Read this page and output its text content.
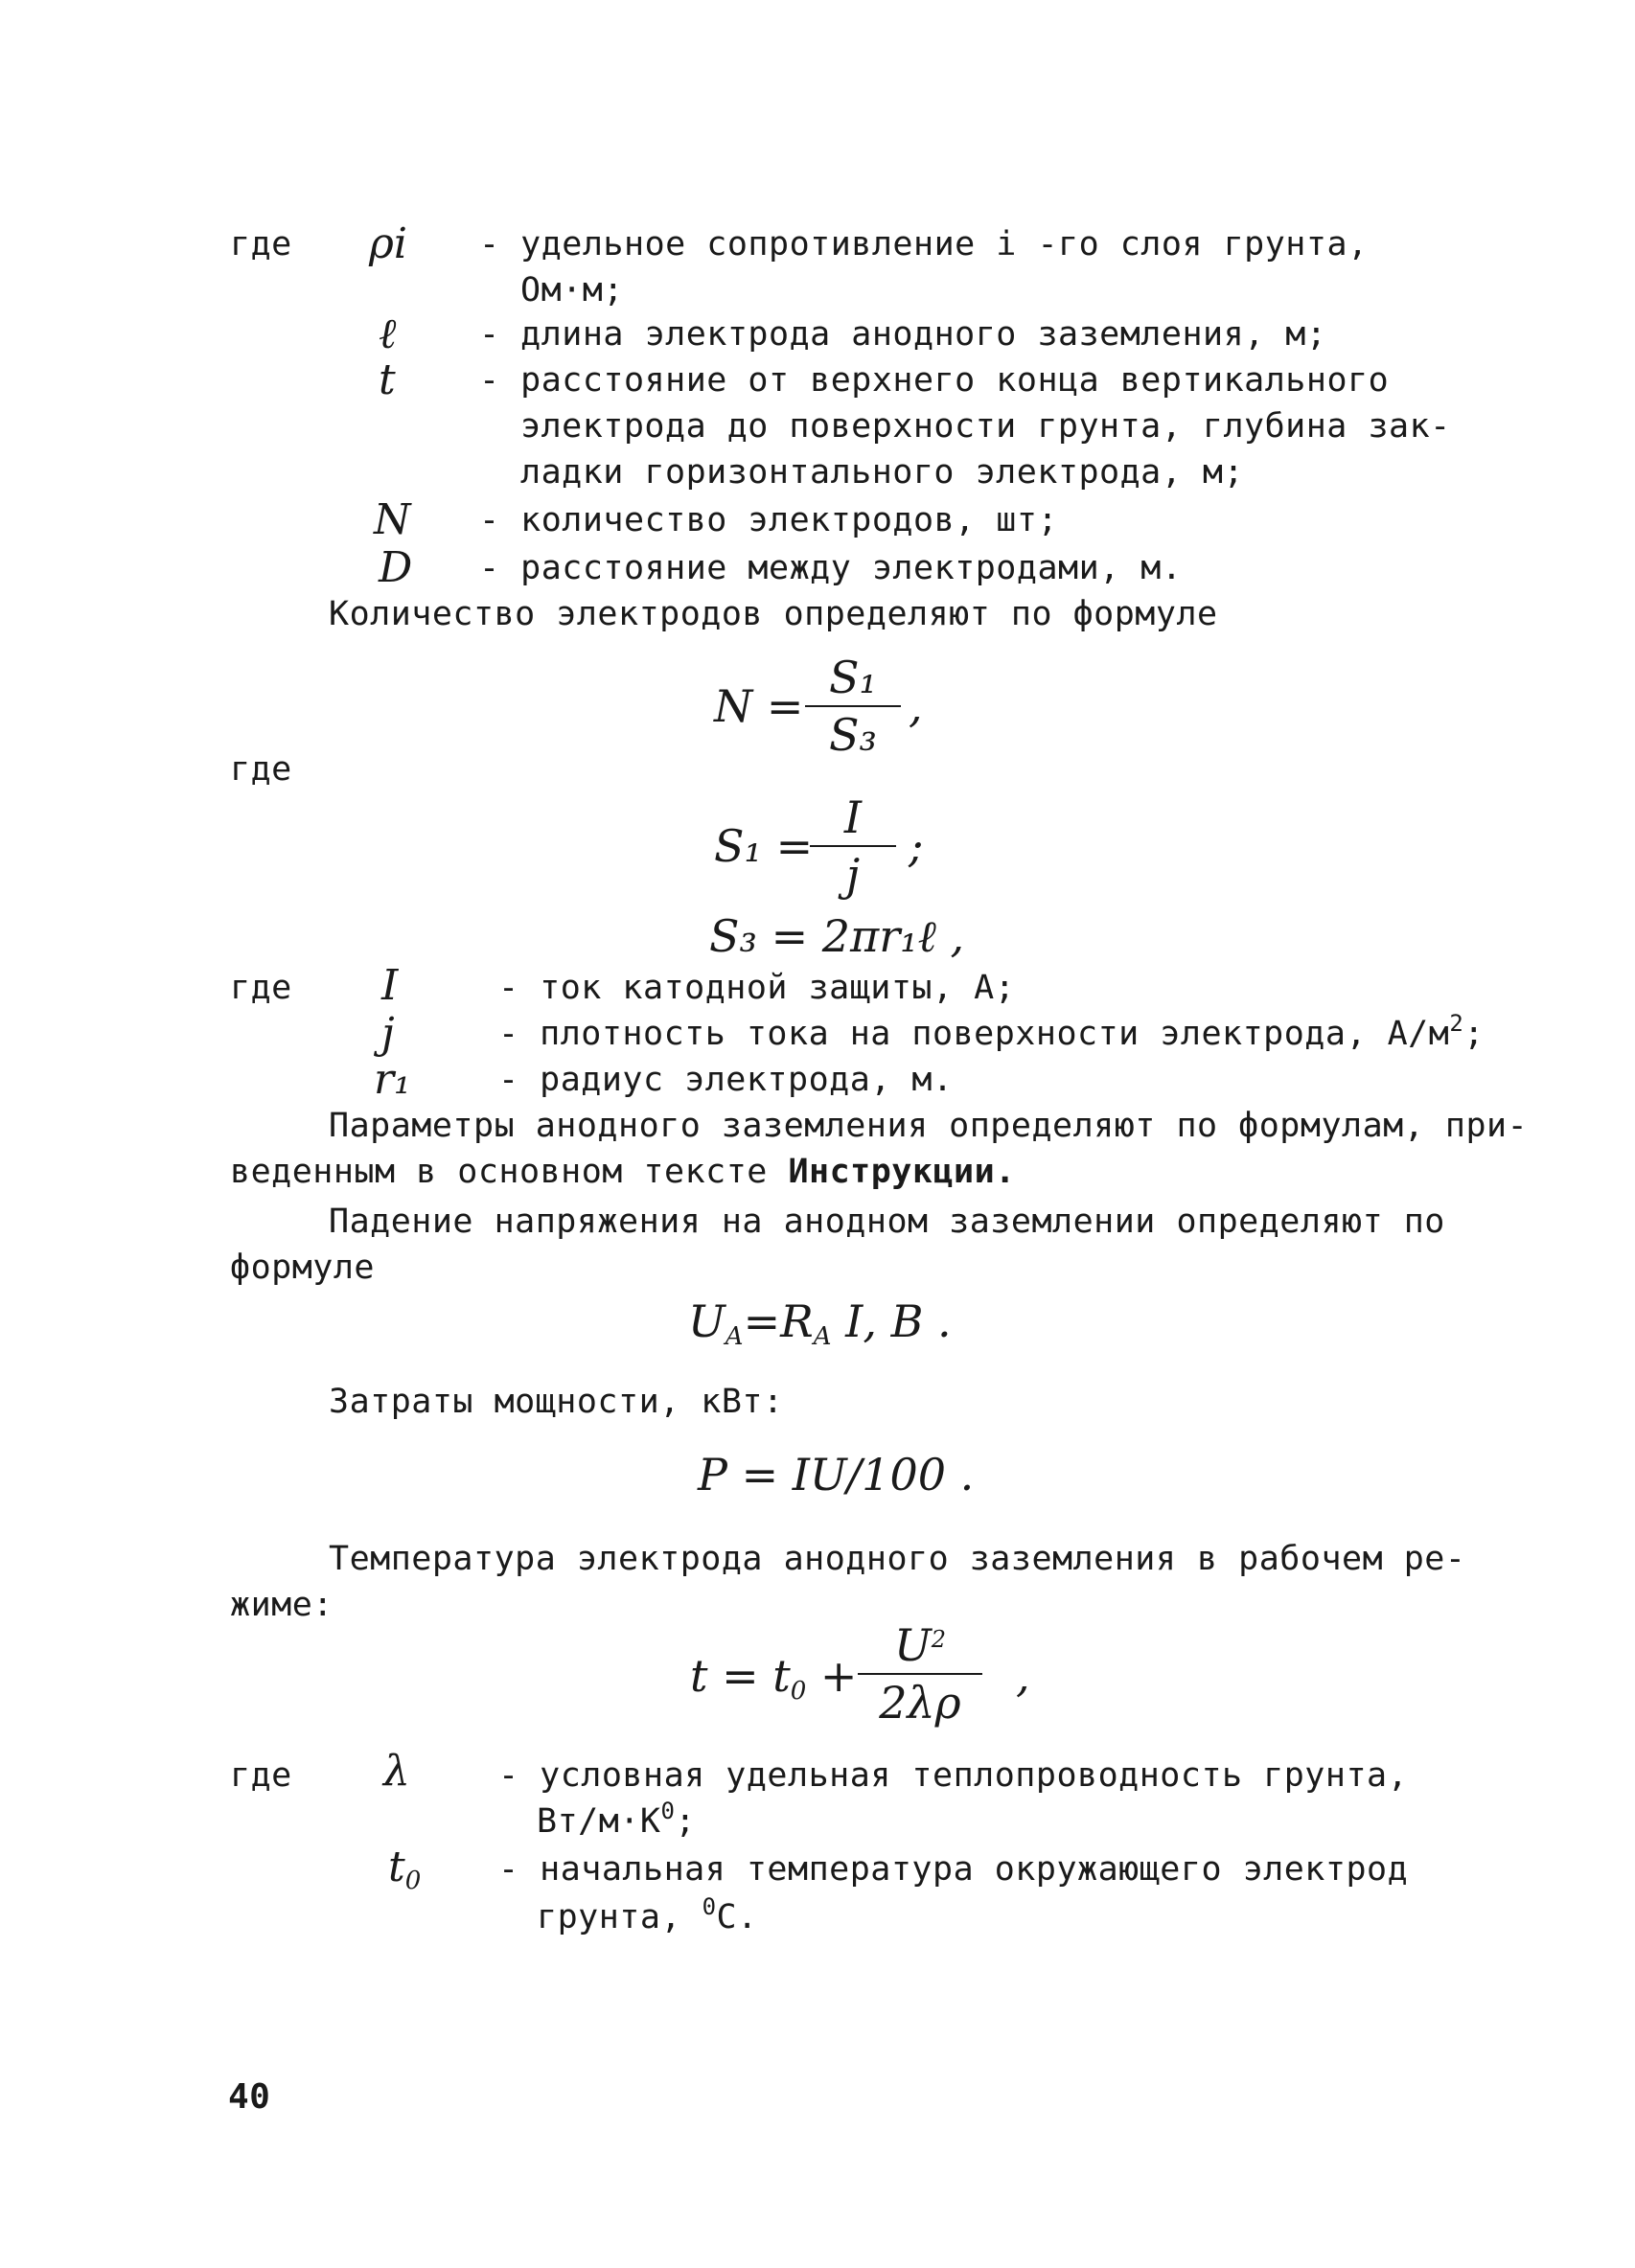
где ρi - удельное сопротивление i -го слоя грунта,
Ом·м;
ℓ - длина электрода анодного заземления, м;
t - расстояние от верхнего конца вертикального
электрода до поверхности грунта, глубина зак-
ладки горизонтального электрода, м;
N - количество электродов, шт;
D - расстояние между электродами, м.
Количество электродов определяют по формуле
$N = \frac{\text{S₁}}{\text{S₃}}$ ,
где
S₁ =
$\frac{I}{j}$ ;
S₃ = 2πr₁ℓ ,
где I	- ток катодной защиты, А;
j	- плотность тока на поверхности электрода, $А/м^2$;
r₁	- радиус электрода, м.
Параметры анодного заземления определяют по формулам, при-
веденным в основном тексте Инструкции.
Падение напряжения на анодном заземлении определяют по
формуле
$U_A=R_A$ I, B .
Затраты мощности, кВт:
P = IU/100 .
Температура электрода анодного заземления в рабочем ре-
жиме:
$t = t_0 + \frac{U^2}{2\lambda\rho}$ ,
где λ	- условная удельная теплопроводность грунта,
$Вт/м\cdot К^0$;
$t_0$ - начальная температура окружающего электрод
грунта, $^0$С.
40
